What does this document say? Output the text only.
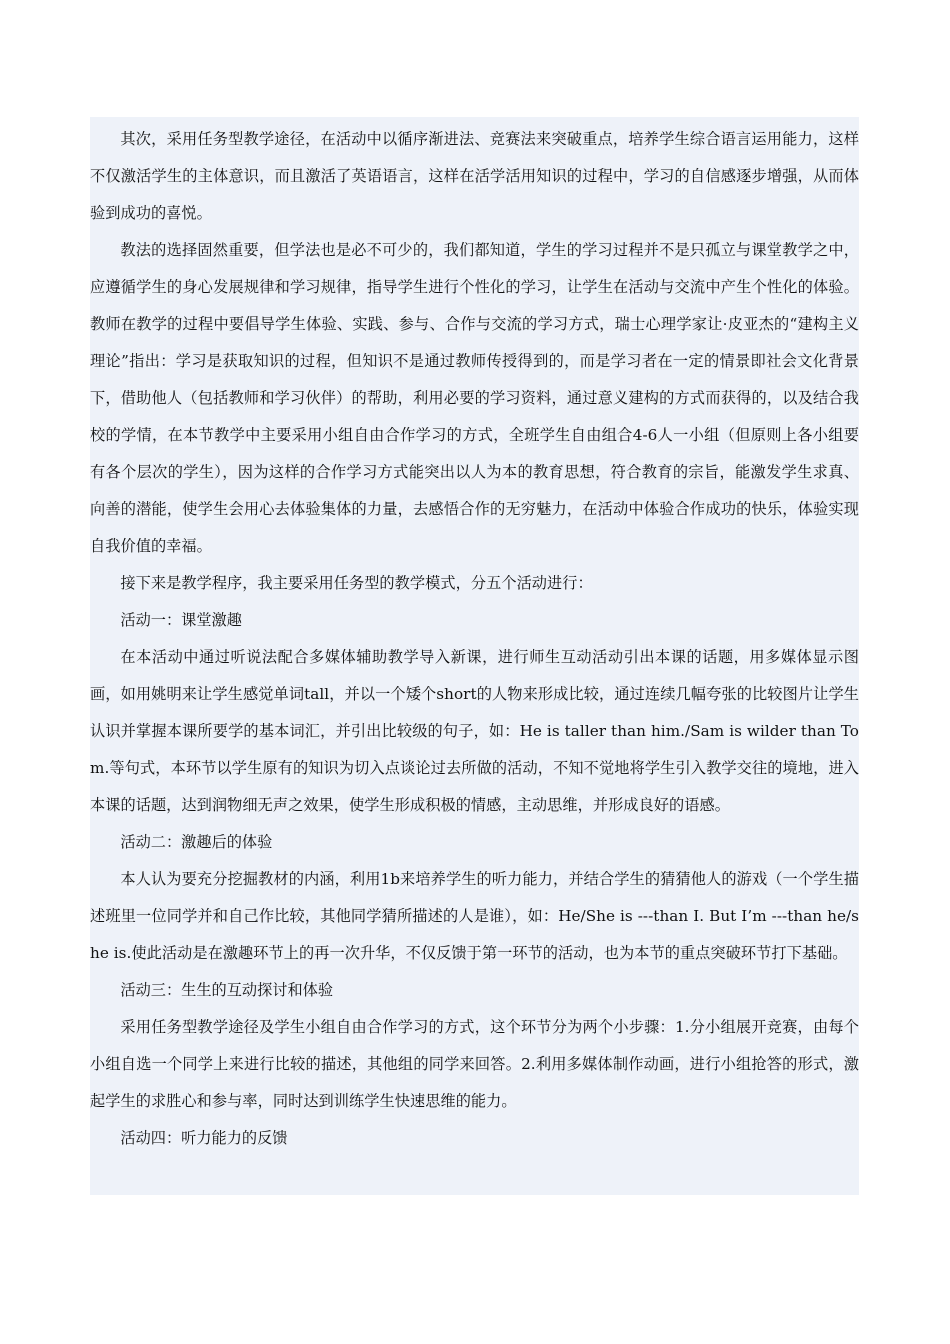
其次，采用任务型教学途径，在活动中以循序渐进法、竞赛法来突破重点，培养学生综合语言运用能力，这样不仅激活学生的主体意识，而且激活了英语语言，这样在活学活用知识的过程中，学习的自信感逐步增强，从而体验到成功的喜悦。

教法的选择固然重要，但学法也是必不可少的，我们都知道，学生的学习过程并不是只孤立与课堂教学之中，应遵循学生的身心发展规律和学习规律，指导学生进行个性化的学习，让学生在活动与交流中产生个性化的体验。教师在教学的过程中要倡导学生体验、实践、参与、合作与交流的学习方式，瑞士心理学家让·皮亚杰的“建构主义理论”指出：学习是获取知识的过程，但知识不是通过教师传授得到的，而是学习者在一定的情景即社会文化背景下，借助他人（包括教师和学习伙伴）的帮助，利用必要的学习资料，通过意义建构的方式而获得的，以及结合我校的学情，在本节教学中主要采用小组自由合作学习的方式，全班学生自由组合4-6人一小组（但原则上各小组要有各个层次的学生），因为这样的合作学习方式能突出以人为本的教育思想，符合教育的宗旨，能激发学生求真、向善的潜能，使学生会用心去体验集体的力量，去感悟合作的无穷魅力，在活动中体验合作成功的快乐，体验实现自我价值的幸福。

接下来是教学程序，我主要采用任务型的教学模式，分五个活动进行：

活动一：课堂激趣

在本活动中通过听说法配合多媒体辅助教学导入新课，进行师生互动活动引出本课的话题，用多媒体显示图画，如用姚明来让学生感觉单词tall，并以一个矮个short的人物来形成比较，通过连续几幅夸张的比较图片让学生认识并掌握本课所要学的基本词汇，并引出比较级的句子，如：He is taller than him./Sam is wilder than Tom.等句式，本环节以学生原有的知识为切入点谈论过去所做的活动，不知不觉地将学生引入教学交往的境地，进入本课的话题，达到润物细无声之效果，使学生形成积极的情感，主动思维，并形成良好的语感。

活动二：激趣后的体验

本人认为要充分挖掘教材的内涵，利用1b来培养学生的听力能力，并结合学生的猜猜他人的游戏（一个学生描述班里一位同学并和自己作比较，其他同学猜所描述的人是谁），如：He/She is ---than I. But I’m ---than he/she is.使此活动是在激趣环节上的再一次升华，不仅反馈于第一环节的活动，也为本节的重点突破环节打下基础。

活动三：生生的互动探讨和体验

采用任务型教学途径及学生小组自由合作学习的方式，这个环节分为两个小步骤：1.分小组展开竞赛，由每个小组自选一个同学上来进行比较的描述，其他组的同学来回答。2.利用多媒体制作动画，进行小组抢答的形式，激起学生的求胜心和参与率，同时达到训练学生快速思维的能力。

活动四：听力能力的反馈
